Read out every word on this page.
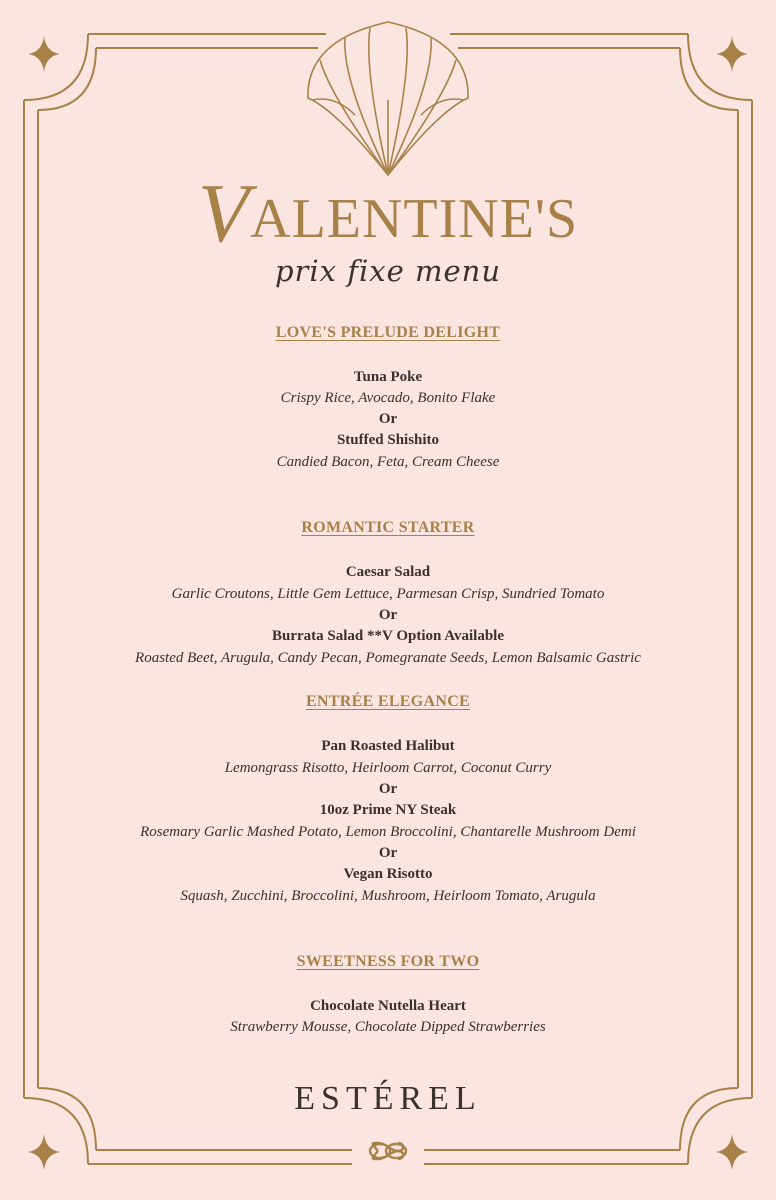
VALENTINE'S
prix fixe menu
LOVE'S PRELUDE DELIGHT
Tuna Poke
Crispy Rice, Avocado, Bonito Flake
Or
Stuffed Shishito
Candied Bacon, Feta, Cream Cheese
ROMANTIC STARTER
Caesar Salad
Garlic Croutons, Little Gem Lettuce, Parmesan Crisp, Sundried Tomato
Or
Burrata Salad **V Option Available
Roasted Beet, Arugula, Candy Pecan, Pomegranate Seeds, Lemon Balsamic Gastric
ENTRÉE ELEGANCE
Pan Roasted Halibut
Lemongrass Risotto, Heirloom Carrot, Coconut Curry
Or
10oz Prime NY Steak
Rosemary Garlic Mashed Potato, Lemon Broccolini, Chantarelle Mushroom Demi
Or
Vegan Risotto
Squash, Zucchini, Broccolini, Mushroom, Heirloom Tomato, Arugula
SWEETNESS FOR TWO
Chocolate Nutella Heart
Strawberry Mousse, Chocolate Dipped Strawberries
ESTÉREL
